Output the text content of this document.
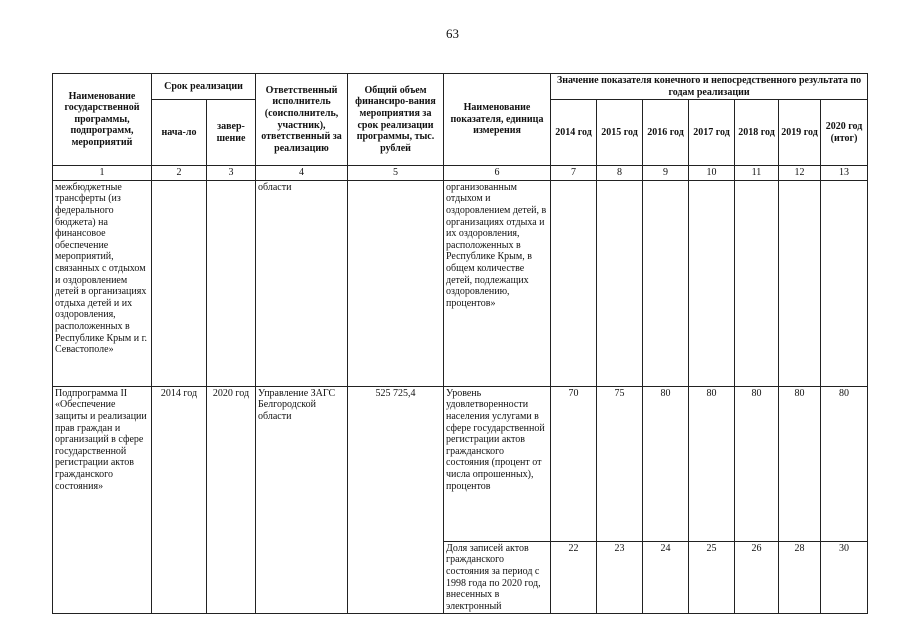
63
Наименование государственной программы, подпрограмм, мероприятий	Срок реализации		Ответственный исполнитель (соисполнитель, участник), ответственный за реализацию	Общий объем финансиро-вания мероприятия за срок реализации программы, тыс. рублей	Наименование показателя, единица измерения	Значение показателя конечного и непосредственного результата по годам реализации						
	нача-ло	завер-шение				2014 год	2015 год	2016 год	2017 год	2018 год	2019 год	2020 год (итог)
1	2	3	4	5	6	7	8	9	10	11	12	13
межбюджетные трансферты (из федерального бюджета) на финансовое обеспечение мероприятий, связанных с отдыхом и оздоровлением детей в организациях отдыха детей и их оздоровления, расположенных в Республике Крым и г. Севастополе»			области		организованным отдыхом и оздоровлением детей, в организациях отдыха и их оздоровления, расположенных в Республике Крым, в общем количестве детей, подлежащих оздоровлению, процентов»							
Подпрограмма II «Обеспечение защиты и реализации прав граждан и организаций в сфере государственной регистрации актов гражданского состояния»	2014 год	2020 год	Управление ЗАГС Белгородской области	525 725,4	Уровень удовлетворенности населения услугами в сфере государственной регистрации актов гражданского состояния (процент от числа опрошенных), процентов	70	75	80	80	80	80	80
					Доля записей актов гражданского состояния за период с 1998 года по 2020 год, внесенных в электронный	22	23	24	25	26	28	30
